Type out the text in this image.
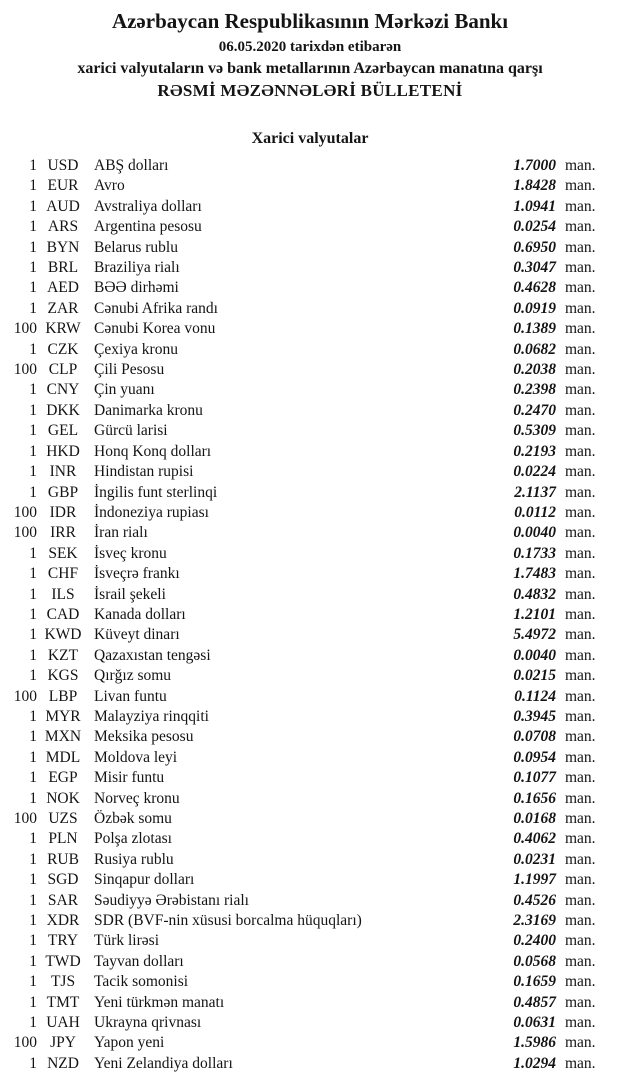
Azərbaycan Respublikasının Mərkəzi Bankı
06.05.2020 tarixdən etibarən
xarici valyutaların və bank metallarının Azərbaycan manatına qarşı
RƏSMİ MƏZƏNNƏLƏRİ BÜLLETENİ
Xarici valyutalar
1 USD	ABŞ dolları	1.7000 man.
1 EUR	Avro	1.8428 man.
1 AUD Avstraliya dolları	1.0941 man.
1 ARS	Argentina pesosu	0.0254 man.
1 BYN Belarus rublu	0.6950 man.
1 BRL	Braziliya rialı	0.3047 man.
1 AED BƏƏ dirhəmi	0.4628 man.
1 ZAR	Cənubi Afrika randı	0.0919 man.
100 KRW Cənubi Korea vonu	0.1389 man.
1 CZK	Çexiya kronu	0.0682 man.
100 CLP	Çili Pesosu	0.2038 man.
1 CNY Çin yuanı	0.2398 man.
1 DKK Danimarka kronu	0.2470 man.
1 GEL	Gürcü larisi	0.5309 man.
1 HKD Honq Konq dolları	0.2193 man.
1 INR	Hindistan rupisi	0.0224 man.
1 GBP	İngilis funt sterlinqi	2.1137 man.
100 IDR	İndoneziya rupiası	0.0112 man.
100 IRR	İran rialı	0.0040 man.
1 SEK	İsveç kronu	0.1733 man.
1 CHF	İsveçrə frankı	1.7483 man.
1 ILS	İsrail şekeli	0.4832 man.
1 CAD Kanada dolları	1.2101 man.
1 KWD Küveyt dinarı	5.4972 man.
1 KZT	Qazaxıstan tengəsi	0.0040 man.
1 KGS	Qırğız somu	0.0215 man.
100 LBP	Livan funtu	0.1124 man.
1 MYR Malayziya rinqqiti	0.3945 man.
1 MXN Meksika pesosu	0.0708 man.
1 MDL Moldova leyi	0.0954 man.
1 EGP	Misir funtu	0.1077 man.
1 NOK Norveç kronu	0.1656 man.
100 UZS	Özbək somu	0.0168 man.
1 PLN	Polşa zlotası	0.4062 man.
1 RUB Rusiya rublu	0.0231 man.
1 SGD	Sinqapur dolları	1.1997 man.
1 SAR	Səudiyyə Ərəbistanı rialı	0.4526 man.
1 XDR SDR (BVF-nin xüsusi borcalma hüquqları)	2.3169 man.
1 TRY	Türk lirəsi	0.2400 man.
1 TWD Tayvan dolları	0.0568 man.
1 TJS	Tacik somonisi	0.1659 man.
1 TMT Yeni türkmən manatı	0.4857 man.
1 UAH Ukrayna qrivnası	0.0631 man.
100 JPY	Yapon yeni	1.5986 man.
1 NZD Yeni Zelandiya dolları	1.0294 man.
